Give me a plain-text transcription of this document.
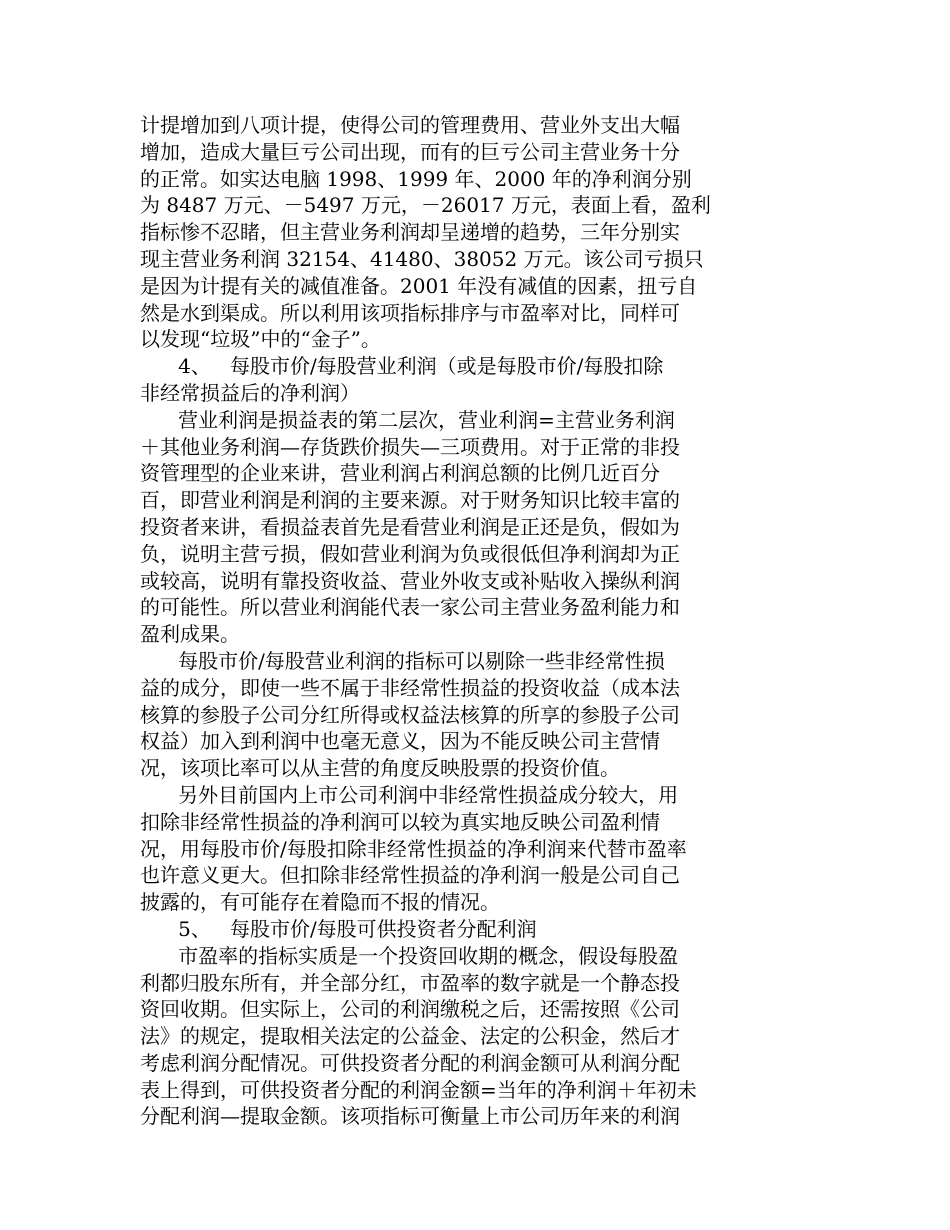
计提增加到八项计提，使得公司的管理费用、营业外支出大幅
增加，造成大量巨亏公司出现，而有的巨亏公司主营业务十分
的正常。如实达电脑 1998、1999 年、2000 年的净利润分别
为 8487 万元、－5497 万元，－26017 万元，表面上看，盈利
指标惨不忍睹，但主营业务利润却呈递增的趋势，三年分别实
现主营业务利润 32154、41480、38052 万元。该公司亏损只
是因为计提有关的减值准备。2001 年没有减值的因素，扭亏自
然是水到渠成。所以利用该项指标排序与市盈率对比，同样可
以发现“垃圾”中的“金子”。
4、   每股市价/每股营业利润（或是每股市价/每股扣除
非经常损益后的净利润）
营业利润是损益表的第二层次，营业利润=主营业务利润
＋其他业务利润—存货跌价损失—三项费用。对于正常的非投
资管理型的企业来讲，营业利润占利润总额的比例几近百分
百，即营业利润是利润的主要来源。对于财务知识比较丰富的
投资者来讲，看损益表首先是看营业利润是正还是负，假如为
负，说明主营亏损，假如营业利润为负或很低但净利润却为正
或较高，说明有靠投资收益、营业外收支或补贴收入操纵利润
的可能性。所以营业利润能代表一家公司主营业务盈利能力和
盈利成果。
每股市价/每股营业利润的指标可以剔除一些非经常性损
益的成分，即使一些不属于非经常性损益的投资收益（成本法
核算的参股子公司分红所得或权益法核算的所享的参股子公司
权益）加入到利润中也毫无意义，因为不能反映公司主营情
况，该项比率可以从主营的角度反映股票的投资价值。
另外目前国内上市公司利润中非经常性损益成分较大，用
扣除非经常性损益的净利润可以较为真实地反映公司盈利情
况，用每股市价/每股扣除非经常性损益的净利润来代替市盈率
也许意义更大。但扣除非经常性损益的净利润一般是公司自己
披露的，有可能存在着隐而不报的情况。
5、   每股市价/每股可供投资者分配利润
市盈率的指标实质是一个投资回收期的概念，假设每股盈
利都归股东所有，并全部分红，市盈率的数字就是一个静态投
资回收期。但实际上，公司的利润缴税之后，还需按照《公司
法》的规定，提取相关法定的公益金、法定的公积金，然后才
考虑利润分配情况。可供投资者分配的利润金额可从利润分配
表上得到，可供投资者分配的利润金额=当年的净利润＋年初未
分配利润—提取金额。该项指标可衡量上市公司历年来的利润
